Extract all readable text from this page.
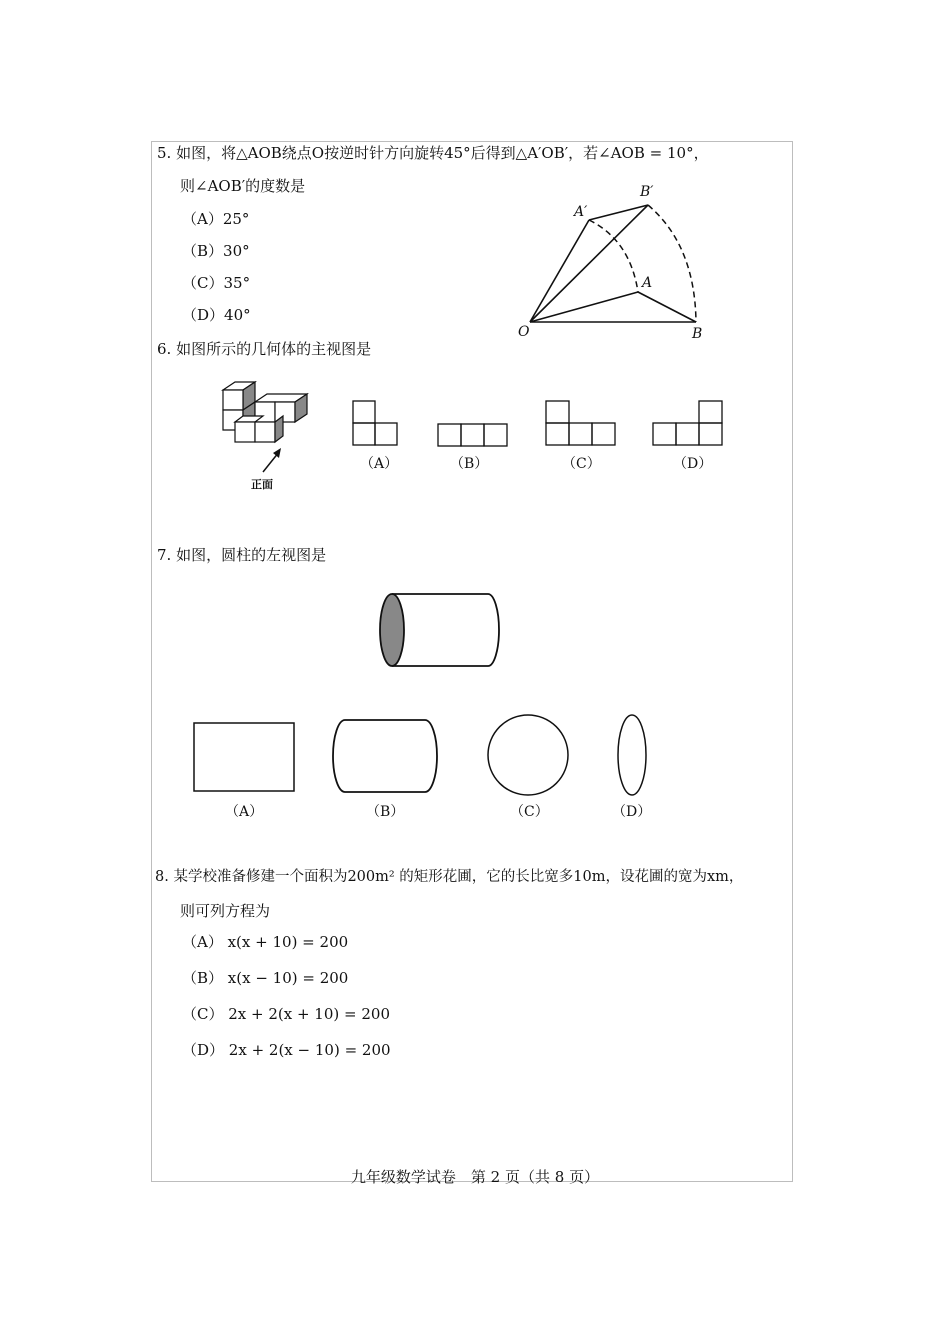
5. 如图，将△AOB绕点O按逆时针方向旋转45°后得到△A′OB′，若∠AOB = 10°，
则∠AOB′的度数是
（A）25°
（B）30°
（C）35°
（D）40°
O	B
A
A′
B′
6. 如图所示的几何体的主视图是
正面
（A）	（B）	（C）	（D）
7. 如图，圆柱的左视图是
（A）	（B）	（C）	（D）
8. 某学校准备修建一个面积为200m² 的矩形花圃，它的长比宽多10m，设花圃的宽为xm，
则可列方程为
（A） x(x + 10) = 200
（B） x(x − 10) = 200
（C） 2x + 2(x + 10) = 200
（D） 2x + 2(x − 10) = 200
九年级数学试卷　第 2 页（共 8 页）
